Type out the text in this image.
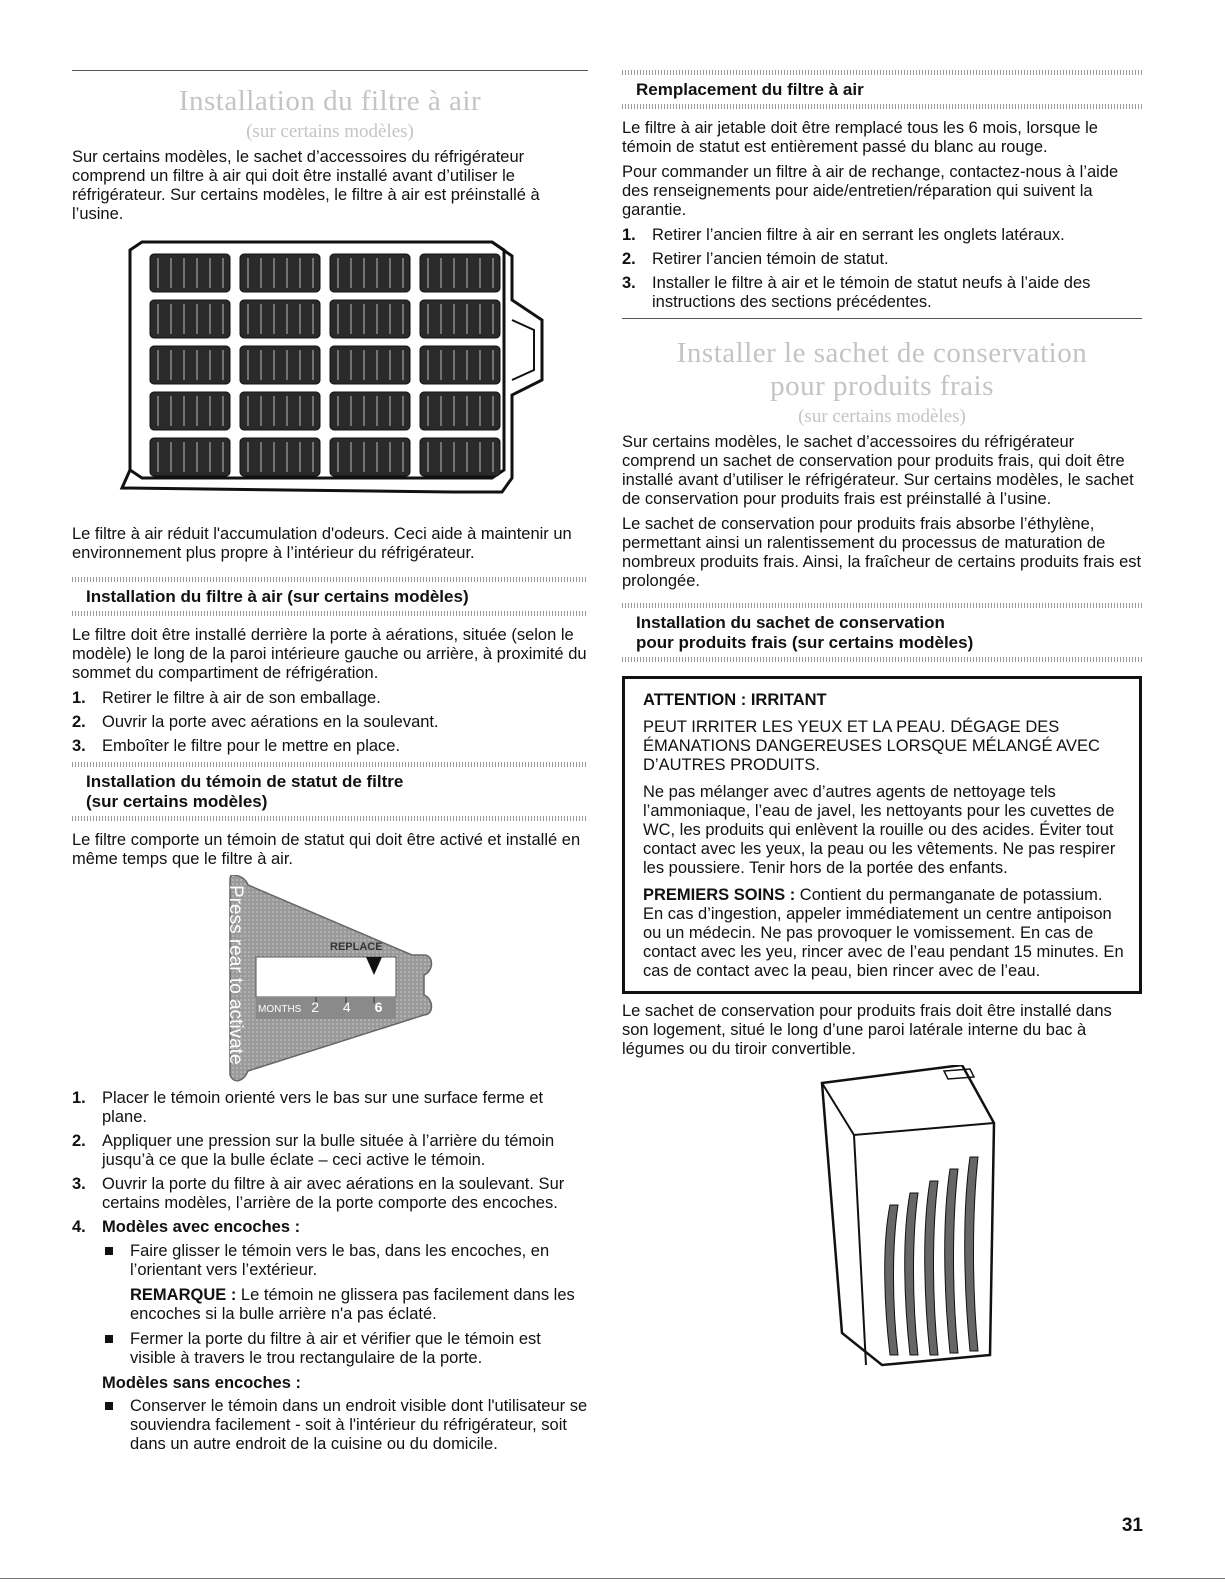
Installation du filtre à air
(sur certains modèles)

Sur certains modèles, le sachet d’accessoires du réfrigérateur comprend un filtre à air qui doit être installé avant d’utiliser le réfrigérateur. Sur certains modèles, le filtre à air est préinstallé à l’usine.

Le filtre à air réduit l'accumulation d'odeurs. Ceci aide à maintenir un environnement plus propre à l’intérieur du réfrigérateur.

Installation du filtre à air (sur certains modèles)

Le filtre doit être installé derrière la porte à aérations, située (selon le modèle) le long de la paroi intérieure gauche ou arrière, à proximité du sommet du compartiment de réfrigération.

1. Retirer le filtre à air de son emballage.
2. Ouvrir la porte avec aérations en la soulevant.
3. Emboîter le filtre pour le mettre en place.
Installation du témoin de statut de filtre
(sur certains modèles)

Le filtre comporte un témoin de statut qui doit être activé et installé en même temps que le filtre à air.

Press rear to activate	REPLACE
MONTHS 2 4 6
1. Placer le témoin orienté vers le bas sur une surface ferme et plane.
2. Appliquer une pression sur la bulle située à l’arrière du témoin jusqu’à ce que la bulle éclate – ceci active le témoin.
3. Ouvrir la porte du filtre à air avec aérations en la soulevant. Sur certains modèles, l’arrière de la porte comporte des encoches.
4. Modèles avec encoches :
Faire glisser le témoin vers le bas, dans les encoches, en l’orientant vers l’extérieur.

REMARQUE : Le témoin ne glissera pas facilement dans les encoches si la bulle arrière n'a pas éclaté.

Fermer la porte du filtre à air et vérifier que le témoin est visible à travers le trou rectangulaire de la porte.

Modèles sans encoches :

Conserver le témoin dans un endroit visible dont l'utilisateur se souviendra facilement - soit à l'intérieur du réfrigérateur, soit dans un autre endroit de la cuisine ou du domicile.
Remplacement du filtre à air

Le filtre à air jetable doit être remplacé tous les 6 mois, lorsque le témoin de statut est entièrement passé du blanc au rouge.

Pour commander un filtre à air de rechange, contactez-nous à l’aide des renseignements pour aide/entretien/réparation qui suivent la garantie.

1. Retirer l’ancien filtre à air en serrant les onglets latéraux.
2. Retirer l’ancien témoin de statut.
3. Installer le filtre à air et le témoin de statut neufs à l’aide des instructions des sections précédentes.
Installer le sachet de conservation
pour produits frais
(sur certains modèles)

Sur certains modèles, le sachet d’accessoires du réfrigérateur comprend un sachet de conservation pour produits frais, qui doit être installé avant d’utiliser le réfrigérateur. Sur certains modèles, le sachet de conservation pour produits frais est préinstallé à l’usine.

Le sachet de conservation pour produits frais absorbe l’éthylène, permettant ainsi un ralentissement du processus de maturation de nombreux produits frais. Ainsi, la fraîcheur de certains produits frais est prolongée.

Installation du sachet de conservation
pour produits frais (sur certains modèles)

ATTENTION : IRRITANT

PEUT IRRITER LES YEUX ET LA PEAU. DÉGAGE DES ÉMANATIONS DANGEREUSES LORSQUE MÉLANGÉ AVEC D’AUTRES PRODUITS.

Ne pas mélanger avec d’autres agents de nettoyage tels l’ammoniaque, l’eau de javel, les nettoyants pour les cuvettes de WC, les produits qui enlèvent la rouille ou des acides. Éviter tout contact avec les yeux, la peau ou les vêtements. Ne pas respirer les poussiere. Tenir hors de la portée des enfants.

PREMIERS SOINS : Contient du permanganate de potassium. En cas d’ingestion, appeler immédiatement un centre antipoison ou un médecin. Ne pas provoquer le vomissement. En cas de contact avec les yeu, rincer avec de l’eau pendant 15 minutes. En cas de contact avec la peau, bien rincer avec de l’eau.

Le sachet de conservation pour produits frais doit être installé dans son logement, situé le long d’une paroi latérale interne du bac à légumes ou du tiroir convertible.

31
